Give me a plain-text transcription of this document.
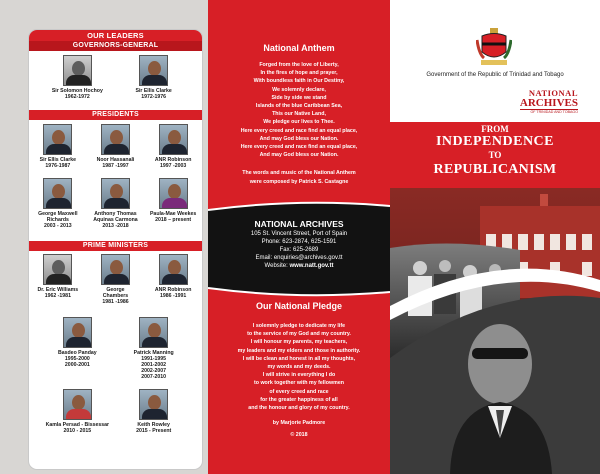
OUR LEADERS
GOVERNORS-GENERAL
Sir Solomon Hochoy
1962-1972
Sir Ellis Clarke
1972-1976
PRESIDENTS
Sir Ellis Clarke
1976-1987
Noor Hassanali
1987 -1997
ANR Robinson
1997 -2003
George Maxwell Richards
2003 - 2013
Anthony Thomas Aquinas Carmona
2013 -2018
Paula-Mae Weekes
2018 – present
PRIME MINISTERS
Dr. Eric Williams
1962 -1981
George Chambers
1981 -1986
ANR Robinson
1986 -1991
Basdeo Panday
1995-2000
2000-2001
Patrick Manning
1991-1995
2001-2002
2002-2007
2007-2010
Kamla Persad - Bissessar
2010 - 2015
Keith Rowley
2015 - Present
National Anthem
Forged from the love of Liberty,
In the fires of hope and prayer,
With boundless faith in Our Destiny,
We solemnly declare,
Side by side we stand
Islands of the blue Caribbean Sea,
This our Native Land,
We pledge our lives to Thee.
Here every creed and race find an equal place,
And may God bless our Nation.
Here every creed and race find an equal place,
And may God bless our Nation.
The words and music of the National Anthem
were composed by Patrick S. Castagne
NATIONAL ARCHIVES
105 St. Vincent Street, Port of Spain
Phone: 623-2874, 625-1591
Fax: 625-2689
Email: enquiries@archives.gov.tt
Website: www.natt.gov.tt
Our National Pledge
I solemnly pledge to dedicate my life
to the service of my God and my country.
I will honour my parents, my teachers,
my leaders and my elders and those in authority.
I will be clean and honest in all my thoughts,
my words and my deeds.
I will strive in everything I do
to work together with my fellowmen
of every creed and race
for the greater happiness of all
and the honour and glory of my country.
by Marjorie Padmore
© 2018
Government of the Republic of Trinidad and Tobago
NATIONAL
ARCHIVES
OF TRINIDAD AND TOBAGO
FROM
INDEPENDENCE
TO
REPUBLICANISM
